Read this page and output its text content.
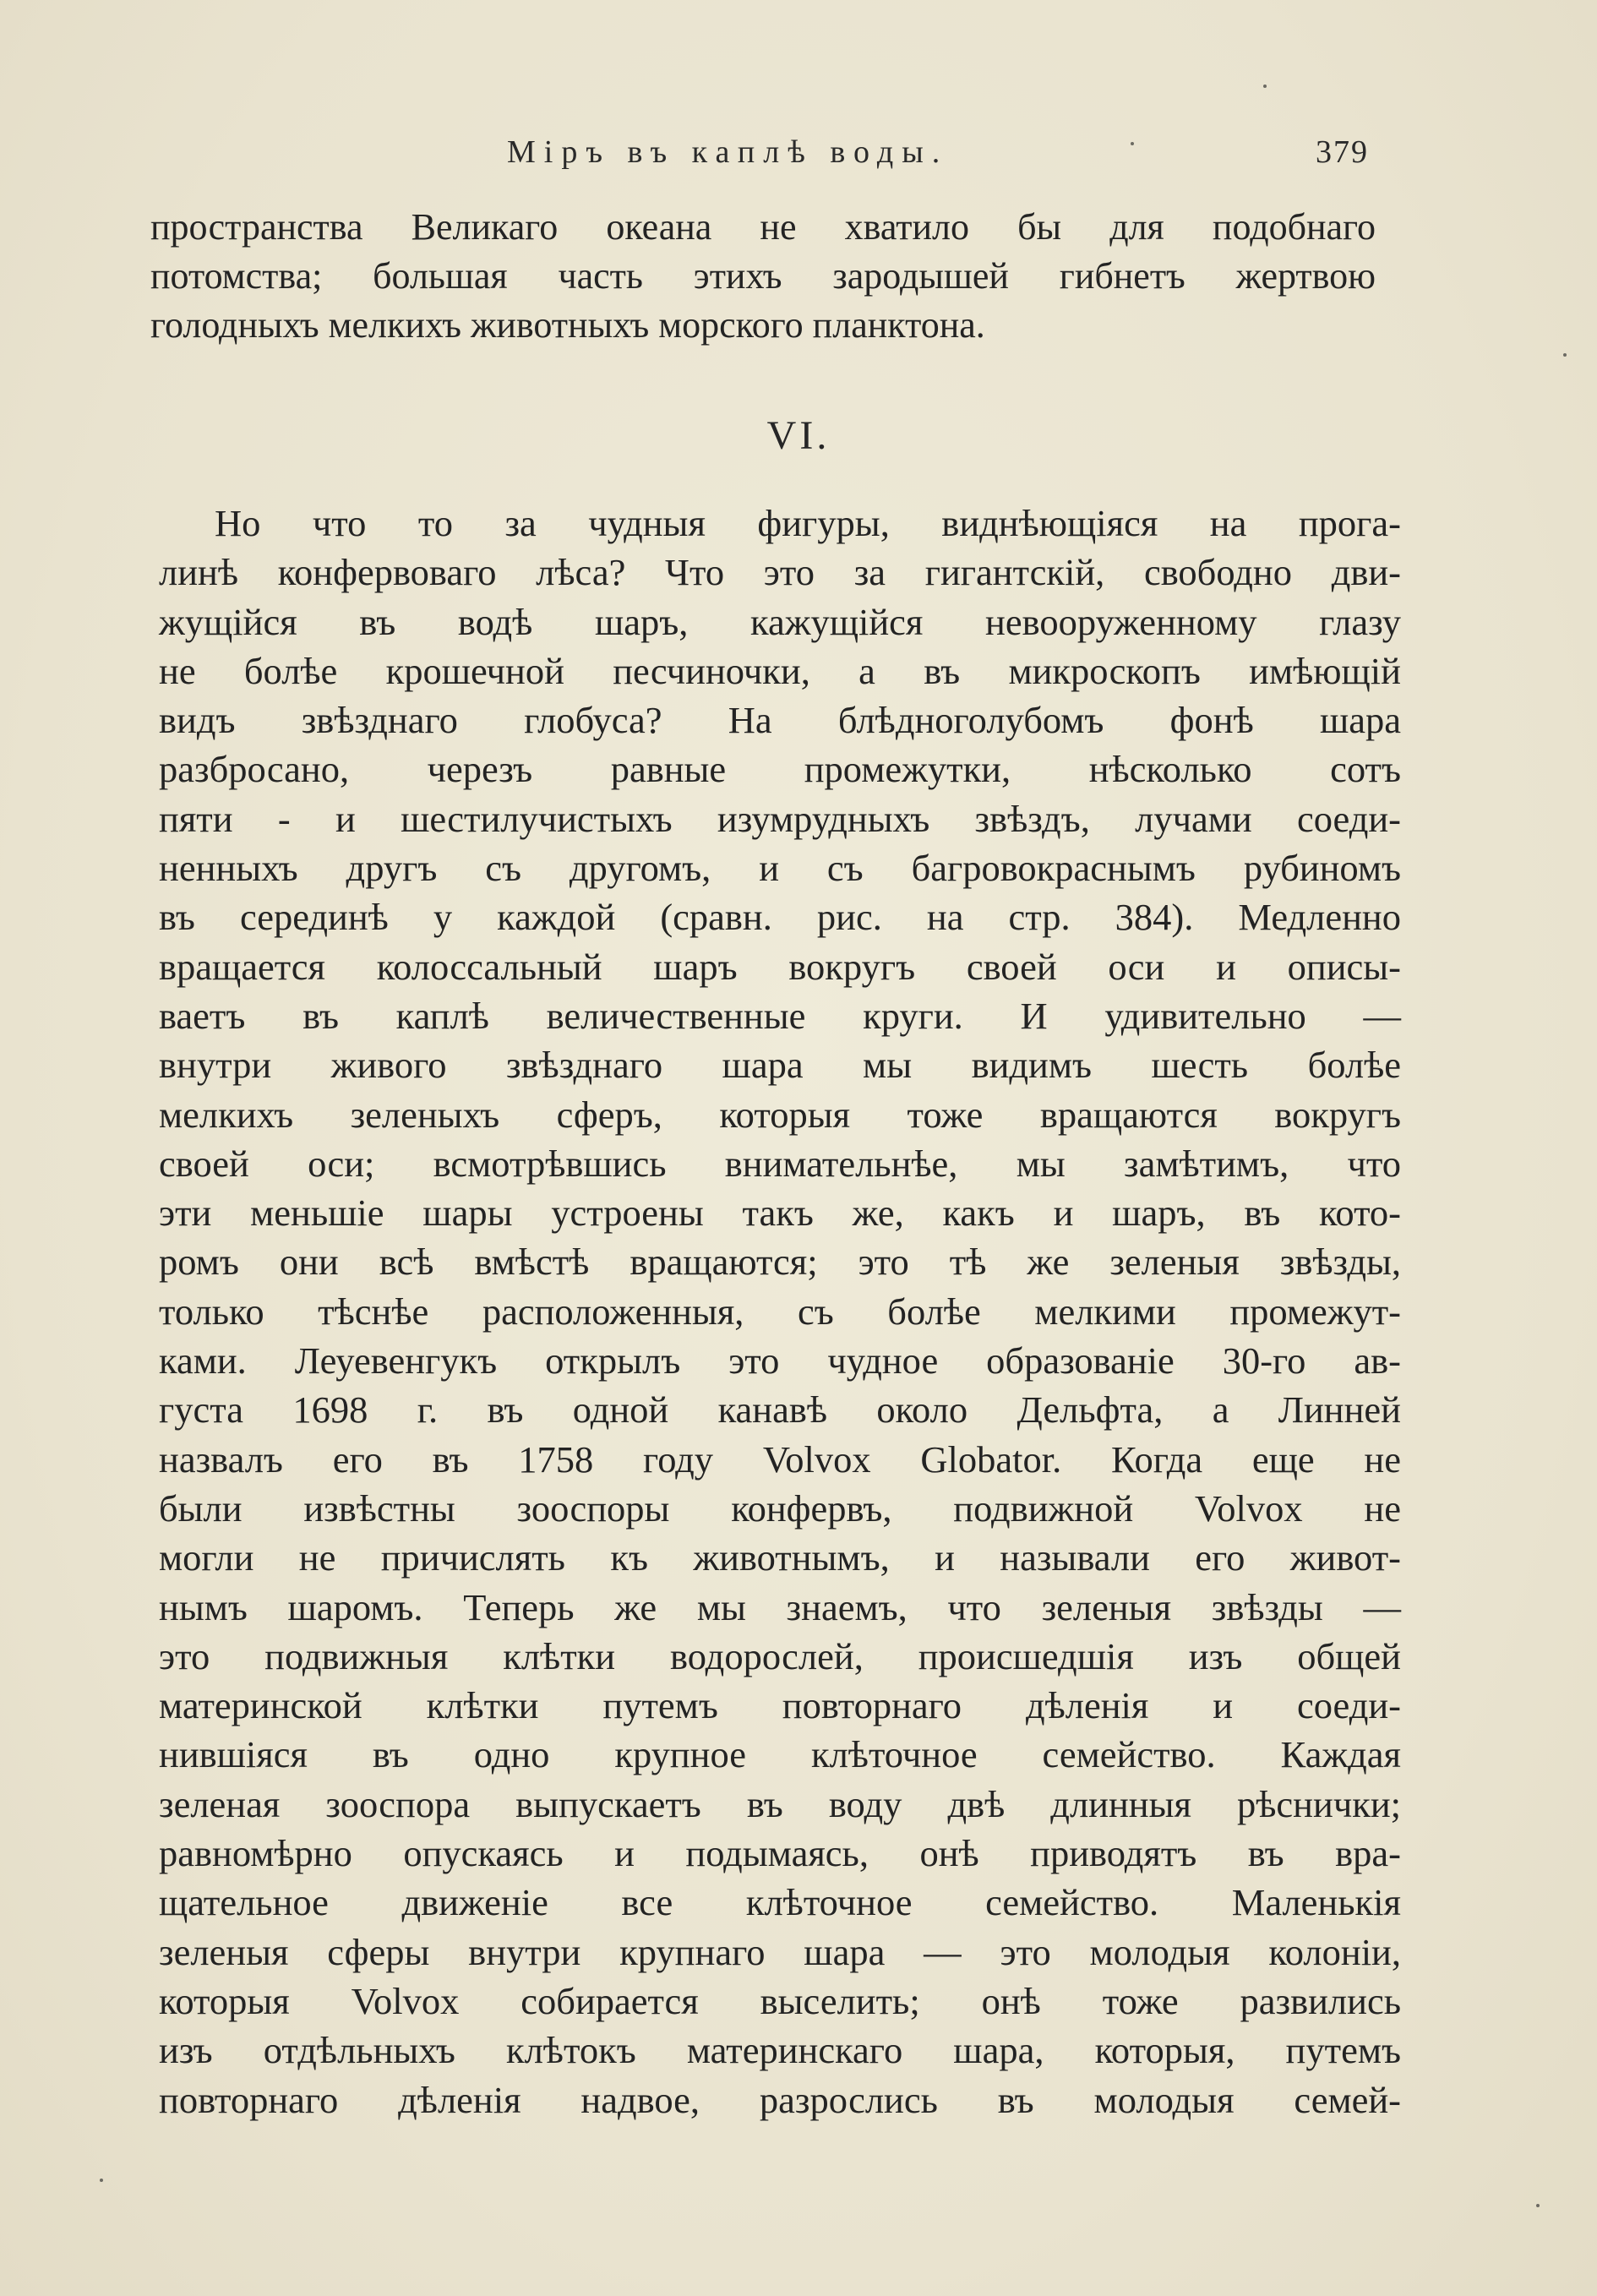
Міръ въ каплѣ воды.	379
пространства Великаго океана не хватило бы для подобнаго
потомства; большая часть этихъ зародышей гибнетъ жертвою
голодныхъ мелкихъ животныхъ морского планктона.
VI.
Но что то за чудныя фигуры, виднѣющіяся на прога-
линѣ конфервоваго лѣса? Что это за гигантскій, свободно дви-
жущійся въ водѣ шаръ, кажущійся невооруженному глазу
не болѣе крошечной песчиночки, а въ микроскопъ имѣющій
видъ звѣзднаго глобуса? На блѣдноголубомъ фонѣ шара
разбросано, черезъ равные промежутки, нѣсколько сотъ
пяти - и шестилучистыхъ изумрудныхъ звѣздъ, лучами соеди-
ненныхъ другъ съ другомъ, и съ багровокраснымъ рубиномъ
въ серединѣ у каждой (сравн. рис. на стр. 384). Медленно
вращается колоссальный шаръ вокругъ своей оси и описы-
ваетъ въ каплѣ величественные круги. И удивительно —
внутри живого звѣзднаго шара мы видимъ шесть болѣе
мелкихъ зеленыхъ сферъ, которыя тоже вращаются вокругъ
своей оси; всмотрѣвшись внимательнѣе, мы замѣтимъ, что
эти меньшіе шары устроены такъ же, какъ и шаръ, въ кото-
ромъ они всѣ вмѣстѣ вращаются; это тѣ же зеленыя звѣзды,
только тѣснѣе расположенныя, съ болѣе мелкими промежут-
ками. Леуевенгукъ открылъ это чудное образованіе 30-го ав-
густа 1698 г. въ одной канавѣ около Дельфта, а Линней
назвалъ его въ 1758 году Volvox Globator. Когда еще не
были извѣстны зооспоры конфервъ, подвижной Volvox не
могли не причислять къ животнымъ, и называли его живот-
нымъ шаромъ. Теперь же мы знаемъ, что зеленыя звѣзды —
это подвижныя клѣтки водорослей, происшедшія изъ общей
материнской клѣтки путемъ повторнаго дѣленія и соеди-
нившіяся въ одно крупное клѣточное семейство. Каждая
зеленая зооспора выпускаетъ въ воду двѣ длинныя рѣснички;
равномѣрно опускаясь и подымаясь, онѣ приводятъ въ вра-
щательное движеніе все клѣточное семейство. Маленькія
зеленыя сферы внутри крупнаго шара — это молодыя колоніи,
которыя Volvox собирается выселить; онѣ тоже развились
изъ отдѣльныхъ клѣтокъ материнскаго шара, которыя, путемъ
повторнаго дѣленія надвое, разрослись въ молодыя семей-
